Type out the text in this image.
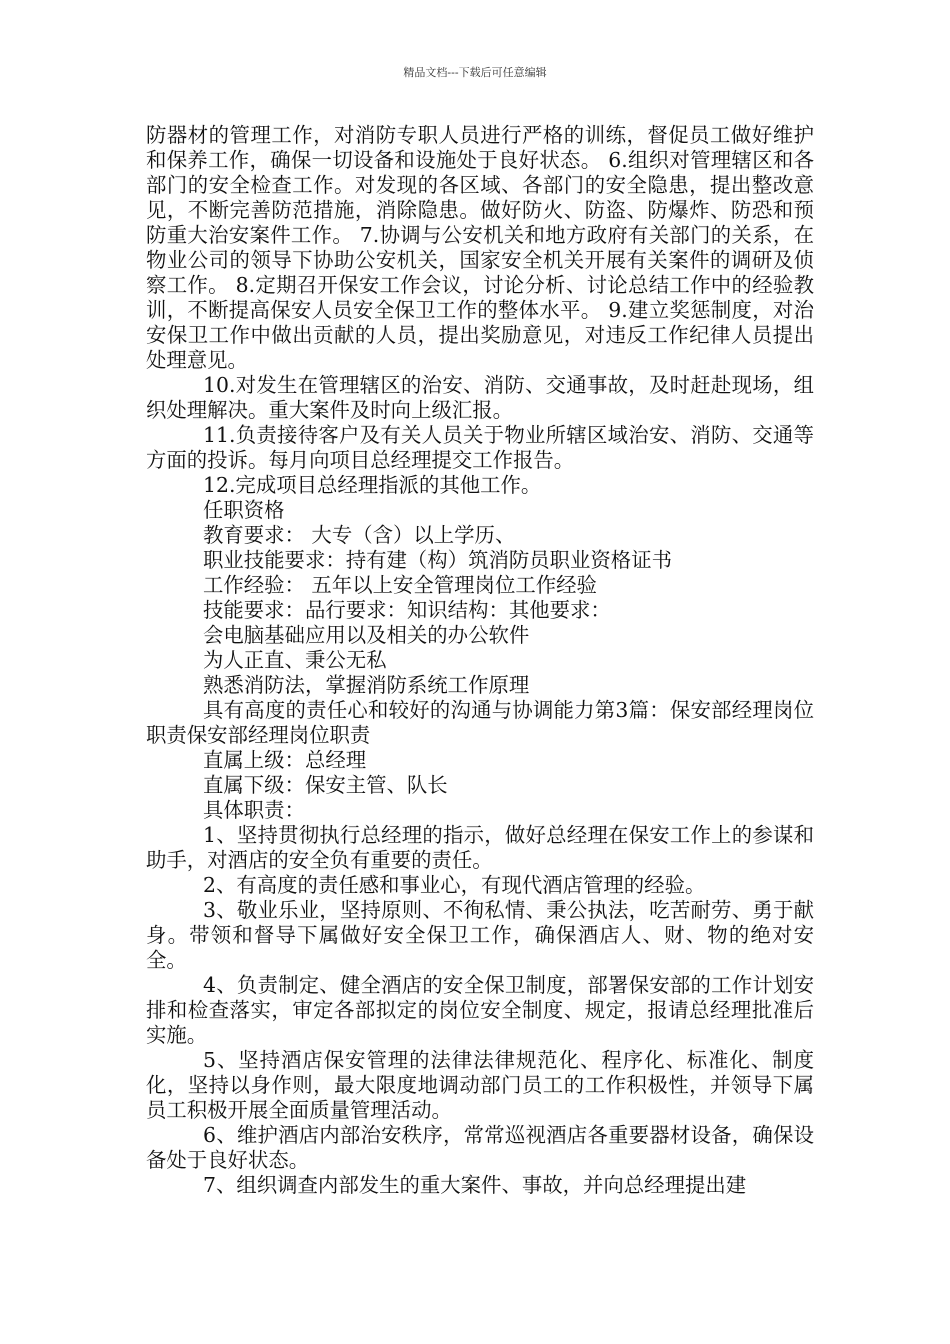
精品文档---下载后可任意编辑

防器材的管理工作，对消防专职人员进行严格的训练，督促员工做好维护和保养工作，确保一切设备和设施处于良好状态。 6.组织对管理辖区和各部门的安全检查工作。对发现的各区域、各部门的安全隐患，提出整改意见，不断完善防范措施，消除隐患。做好防火、防盗、防爆炸、防恐和预防重大治安案件工作。 7.协调与公安机关和地方政府有关部门的关系，在物业公司的领导下协助公安机关，国家安全机关开展有关案件的调研及侦察工作。 8.定期召开保安工作会议，讨论分析、讨论总结工作中的经验教训，不断提高保安人员安全保卫工作的整体水平。 9.建立奖惩制度，对治安保卫工作中做出贡献的人员，提出奖励意见，对违反工作纪律人员提出处理意见。

10.对发生在管理辖区的治安、消防、交通事故，及时赶赴现场，组织处理解决。重大案件及时向上级汇报。

11.负责接待客户及有关人员关于物业所辖区域治安、消防、交通等方面的投诉。每月向项目总经理提交工作报告。

12.完成项目总经理指派的其他工作。

任职资格

教育要求： 大专（含）以上学历、

职业技能要求：持有建（构）筑消防员职业资格证书

工作经验： 五年以上安全管理岗位工作经验

技能要求：品行要求：知识结构：其他要求：

会电脑基础应用以及相关的办公软件

为人正直、秉公无私

熟悉消防法，掌握消防系统工作原理

具有高度的责任心和较好的沟通与协调能力第3篇：保安部经理岗位职责保安部经理岗位职责

直属上级：总经理

直属下级：保安主管、队长

具体职责：

1、坚持贯彻执行总经理的指示，做好总经理在保安工作上的参谋和助手，对酒店的安全负有重要的责任。

2、有高度的责任感和事业心，有现代酒店管理的经验。

3、敬业乐业，坚持原则、不徇私情、秉公执法，吃苦耐劳、勇于献身。带领和督导下属做好安全保卫工作，确保酒店人、财、物的绝对安全。

4、负责制定、健全酒店的安全保卫制度，部署保安部的工作计划安排和检查落实，审定各部拟定的岗位安全制度、规定，报请总经理批准后实施。

5、坚持酒店保安管理的法律法律规范化、程序化、标准化、制度化，坚持以身作则，最大限度地调动部门员工的工作积极性，并领导下属员工积极开展全面质量管理活动。

6、维护酒店内部治安秩序，常常巡视酒店各重要器材设备，确保设备处于良好状态。

7、组织调查内部发生的重大案件、事故，并向总经理提出建
